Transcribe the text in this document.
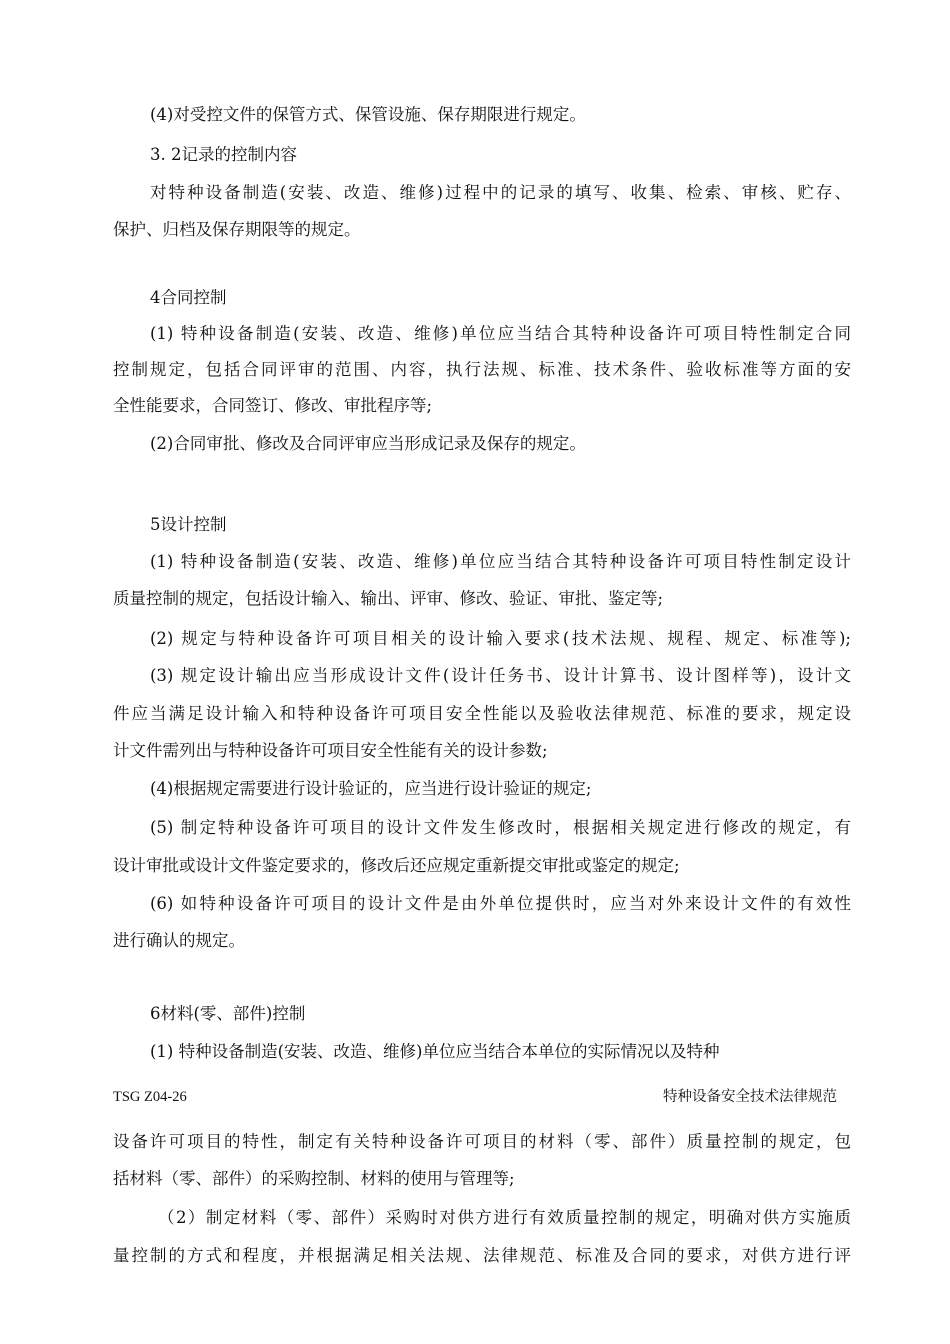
(4)对受控文件的保管方式、保管设施、保存期限进行规定。
3. 2记录的控制内容
对特种设备制造(安装、改造、维修)过程中的记录的填写、收集、检索、审核、贮存、
保护、归档及保存期限等的规定。
4合同控制
(1) 特种设备制造(安装、改造、维修)单位应当结合其特种设备许可项目特性制定合同
控制规定，包括合同评审的范围、内容，执行法规、标准、技术条件、验收标准等方面的安
全性能要求，合同签订、修改、审批程序等;
(2)合同审批、修改及合同评审应当形成记录及保存的规定。
5设计控制
(1) 特种设备制造(安装、改造、维修)单位应当结合其特种设备许可项目特性制定设计
质量控制的规定，包括设计输入、输出、评审、修改、验证、审批、鉴定等;
(2) 规定与特种设备许可项目相关的设计输入要求(技术法规、规程、规定、标准等);
(3) 规定设计输出应当形成设计文件(设计任务书、设计计算书、设计图样等)，设计文
件应当满足设计输入和特种设备许可项目安全性能以及验收法律规范、标准的要求，规定设
计文件需列出与特种设备许可项目安全性能有关的设计参数;
(4)根据规定需要进行设计验证的，应当进行设计验证的规定;
(5) 制定特种设备许可项目的设计文件发生修改时，根据相关规定进行修改的规定，有
设计审批或设计文件鉴定要求的，修改后还应规定重新提交审批或鉴定的规定;
(6) 如特种设备许可项目的设计文件是由外单位提供时，应当对外来设计文件的有效性
进行确认的规定。
6材料(零、部件)控制
(1) 特种设备制造(安装、改造、维修)单位应当结合本单位的实际情况以及特种
TSG Z04-26	特种设备安全技术法律规范
设备许可项目的特性，制定有关特种设备许可项目的材料（零、部件）质量控制的规定，包
括材料（零、部件）的采购控制、材料的使用与管理等;
（2）制定材料（零、部件）采购时对供方进行有效质量控制的规定，明确对供方实施质
量控制的方式和程度，并根据满足相关法规、法律规范、标准及合同的要求，对供方进行评
